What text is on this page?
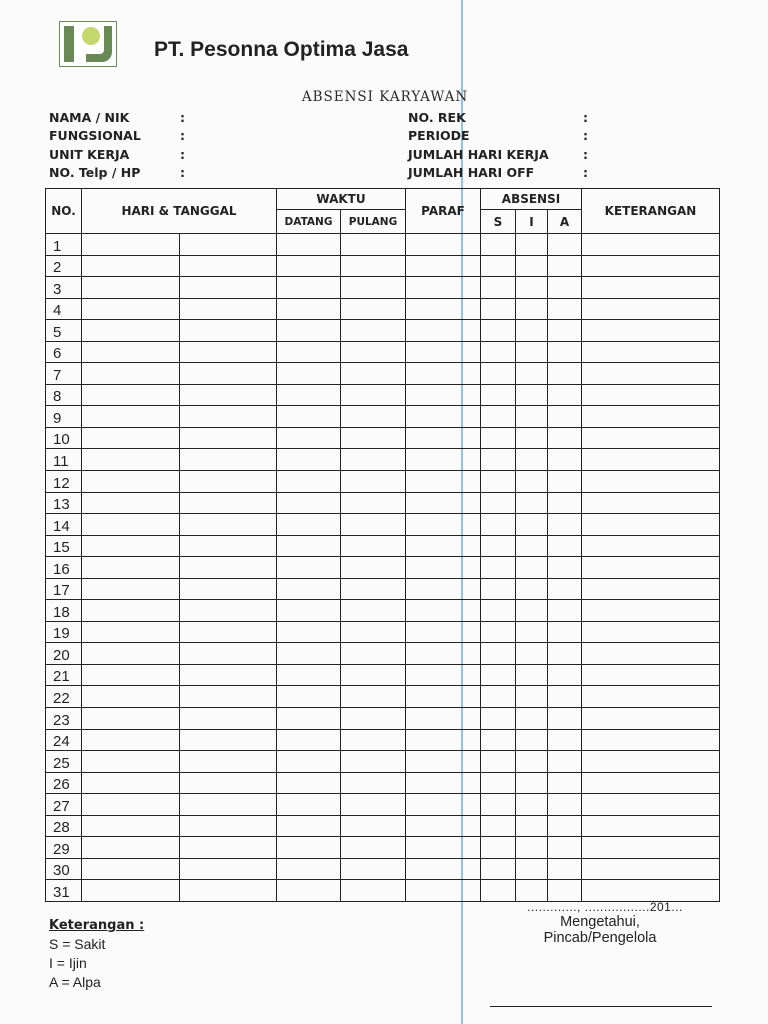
PT. Pesonna Optima Jasa
ABSENSI KARYAWAN
NAMA / NIK	:
FUNGSIONAL	:
UNIT KERJA	:
NO. Telp / HP	:
NO. REK	:
PERIODE	:
JUMLAH HARI KERJA	:
JUMLAH HARI OFF	:
NO.	HARI & TANGGAL		WAKTU		PARAF	ABSENSI			KETERANGAN
			DATANG	PULANG		S	I	A	
1									
2									
3									
4									
5									
6									
7									
8									
9									
10									
11									
12									
13									
14									
15									
16									
17									
18									
19									
20									
21									
22									
23									
24									
25									
26									
27									
28									
29									
30									
31									
Keterangan :
S = Sakit
I = Ijin
A = Alpa
............., .................201...
Mengetahui,
Pincab/Pengelola
